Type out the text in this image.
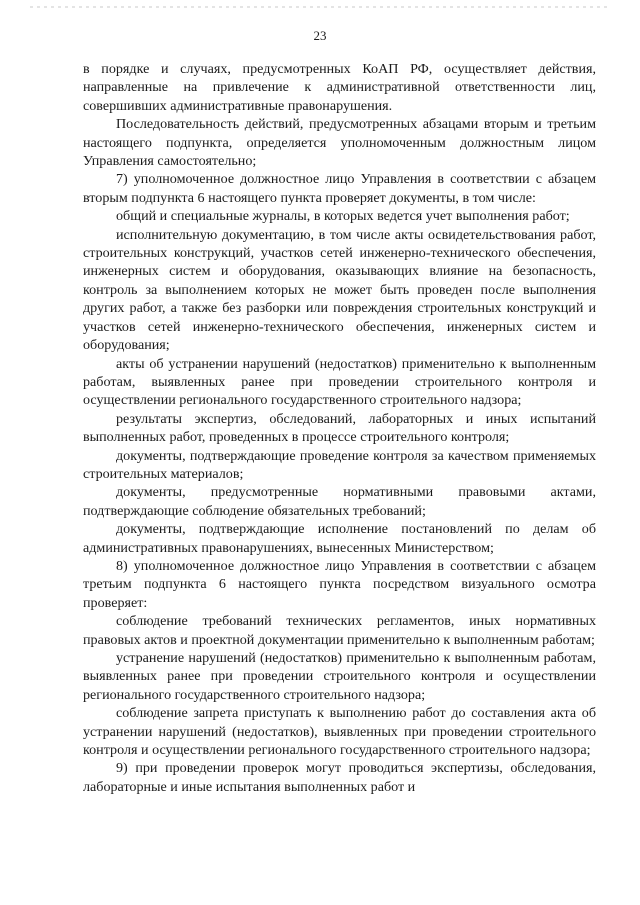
23

в порядке и случаях, предусмотренных КоАП РФ, осуществляет действия, направленные на привлечение к административной ответственности лиц, совершивших административные правонарушения.

Последовательность действий, предусмотренных абзацами вторым и третьим настоящего подпункта, определяется уполномоченным должностным лицом Управления самостоятельно;

7) уполномоченное должностное лицо Управления в соответствии с абзацем вторым подпункта 6 настоящего пункта проверяет документы, в том числе:

общий и специальные журналы, в которых ведется учет выполнения работ;

исполнительную документацию, в том числе акты освидетельствования работ, строительных конструкций, участков сетей инженерно-технического обеспечения, инженерных систем и оборудования, оказывающих влияние на безопасность, контроль за выполнением которых не может быть проведен после выполнения других работ, а также без разборки или повреждения строительных конструкций и участков сетей инженерно-технического обеспечения, инженерных систем и оборудования;

акты об устранении нарушений (недостатков) применительно к выполненным работам, выявленных ранее при проведении строительного контроля и осуществлении регионального государственного строительного надзора;

результаты экспертиз, обследований, лабораторных и иных испытаний выполненных работ, проведенных в процессе строительного контроля;

документы, подтверждающие проведение контроля за качеством применяемых строительных материалов;

документы, предусмотренные нормативными правовыми актами, подтверждающие соблюдение обязательных требований;

документы, подтверждающие исполнение постановлений по делам об административных правонарушениях, вынесенных Министерством;

8) уполномоченное должностное лицо Управления в соответствии с абзацем третьим подпункта 6 настоящего пункта посредством визуального осмотра проверяет:

соблюдение требований технических регламентов, иных нормативных правовых актов и проектной документации применительно к выполненным работам;

устранение нарушений (недостатков) применительно к выполненным работам, выявленных ранее при проведении строительного контроля и осуществлении регионального государственного строительного надзора;

соблюдение запрета приступать к выполнению работ до составления акта об устранении нарушений (недостатков), выявленных при проведении строительного контроля и осуществлении регионального государственного строительного надзора;

9) при проведении проверок могут проводиться экспертизы, обследования, лабораторные и иные испытания выполненных работ и
